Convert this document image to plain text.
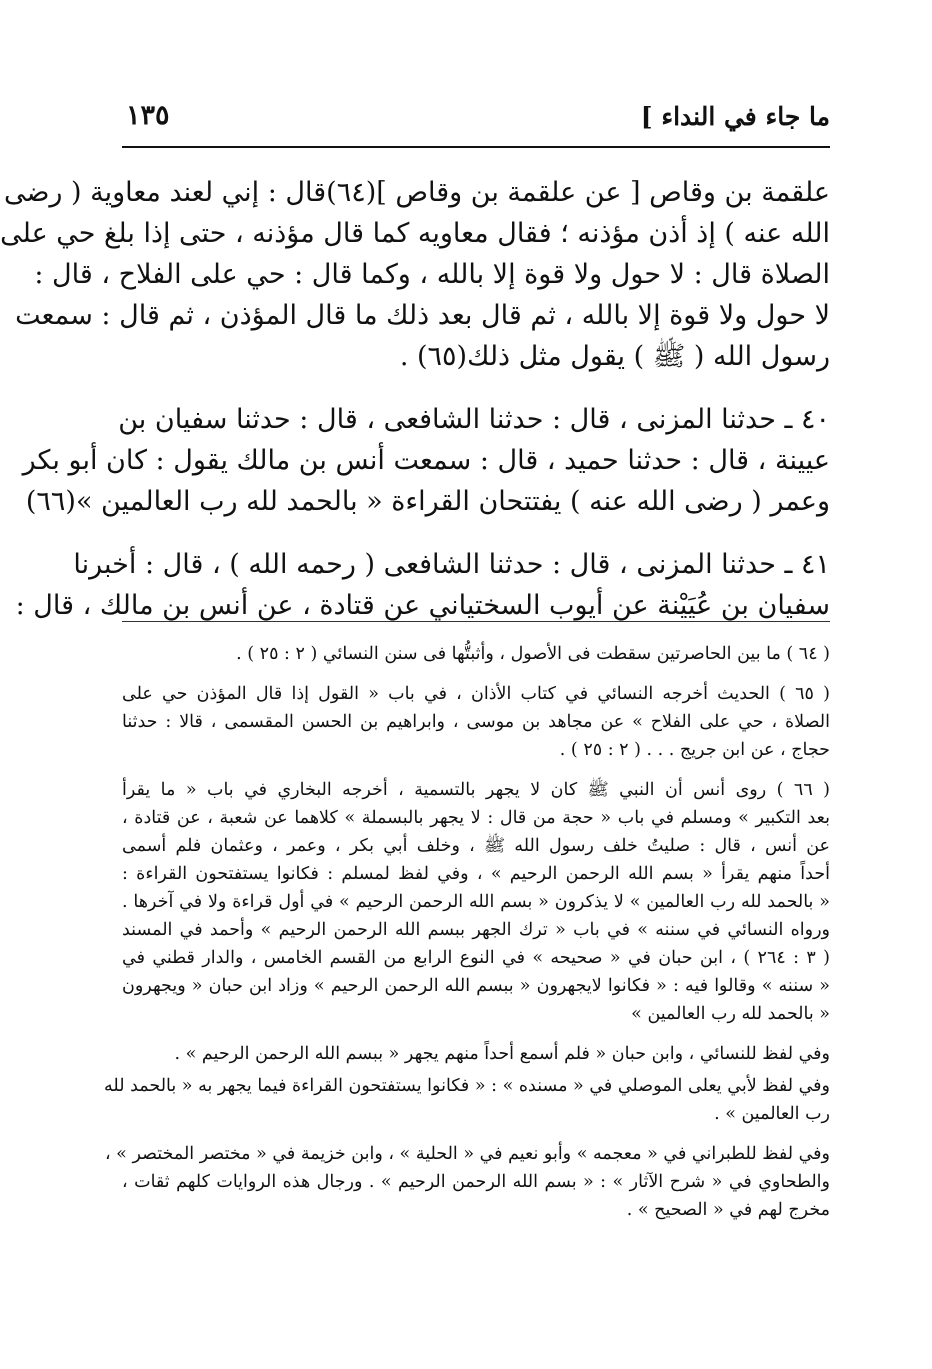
ما جاء في النداء ]
١٣٥
علقمة بن وقاص [ عن علقمة بن وقاص ](٦٤)قال : إني لعند معاوية ( رضى
الله عنه ) إذ أذن مؤذنه ؛ فقال معاويه كما قال مؤذنه ، حتى إذا بلغ حي على
الصلاة قال : لا حول ولا قوة إلا بالله ، وكما قال : حي على الفلاح ، قال :
لا حول ولا قوة إلا بالله ، ثم قال بعد ذلك ما قال المؤذن ، ثم قال : سمعت
رسول الله ( ﷺ ) يقول مثل ذلك(٦٥) .
٤٠ ـ حدثنا المزنى ، قال : حدثنا الشافعى ، قال : حدثنا سفيان بن
عيينة ، قال : حدثنا حميد ، قال : سمعت أنس بن مالك يقول : كان أبو بكر
وعمر ( رضى الله عنه ) يفتتحان القراءة « بالحمد لله رب العالمين »(٦٦)
٤١ ـ حدثنا المزنى ، قال : حدثنا الشافعى ( رحمه الله ) ، قال : أخبرنا
سفيان بن عُيَيْنة عن أيوب السختياني عن قتادة ، عن أنس بن مالك ، قال :
( ٦٤ ) ما بين الحاصرتين سقطت فى الأصول ، وأثبتُّها فى سنن النسائي ( ٢ : ٢٥ ) .
( ٦٥ ) الحديث أخرجه النسائي في كتاب الأذان ، في باب « القول إذا قال المؤذن حي على
الصلاة ، حي على الفلاح » عن مجاهد بن موسى ، وابراهيم بن الحسن المقسمى ، قالا : حدثنا
حجاج ، عن ابن جريج . . . ( ٢ : ٢٥ ) .
( ٦٦ ) روى أنس أن النبي ﷺ كان لا يجهر بالتسمية ، أخرجه البخاري في باب « ما يقرأ
بعد التكبير » ومسلم في باب « حجة من قال : لا يجهر بالبسملة » كلاهما عن شعبة ، عن قتادة ،
عن أنس ، قال : صليتُ خلف رسول الله ﷺ ، وخلف أبي بكر ، وعمر ، وعثمان فلم أسمى
أحداً منهم يقرأ « بسم الله الرحمن الرحيم » ، وفي لفظ لمسلم : فكانوا يستفتحون القراءة :
« بالحمد لله رب العالمين » لا يذكرون « بسم الله الرحمن الرحيم » في أول قراءة ولا في آخرها .
ورواه النسائي في سننه » في باب « ترك الجهر ببسم الله الرحمن الرحيم » وأحمد في المسند
( ٣ : ٢٦٤ ) ، ابن حبان في « صحيحه » في النوع الرابع من القسم الخامس ، والدار قطني في
« سننه » وقالوا فيه : « فكانوا لايجهرون « ببسم الله الرحمن الرحيم » وزاد ابن حبان « ويجهرون
« بالحمد لله رب العالمين »
وفي لفظ للنسائي ، وابن حبان « فلم أسمع أحداً منهم يجهر « ببسم الله الرحمن الرحيم » .
وفي لفظ لأبي يعلى الموصلي في « مسنده » : « فكانوا يستفتحون القراءة فيما يجهر به « بالحمد لله
رب العالمين » .
وفي لفظ للطبراني في « معجمه » وأبو نعيم في « الحلية » ، وابن خزيمة في « مختصر المختصر » ،
والطحاوي في « شرح الآثار » : « بسم الله الرحمن الرحيم » . ورجال هذه الروايات كلهم ثقات ،
مخرج لهم في « الصحيح » .
